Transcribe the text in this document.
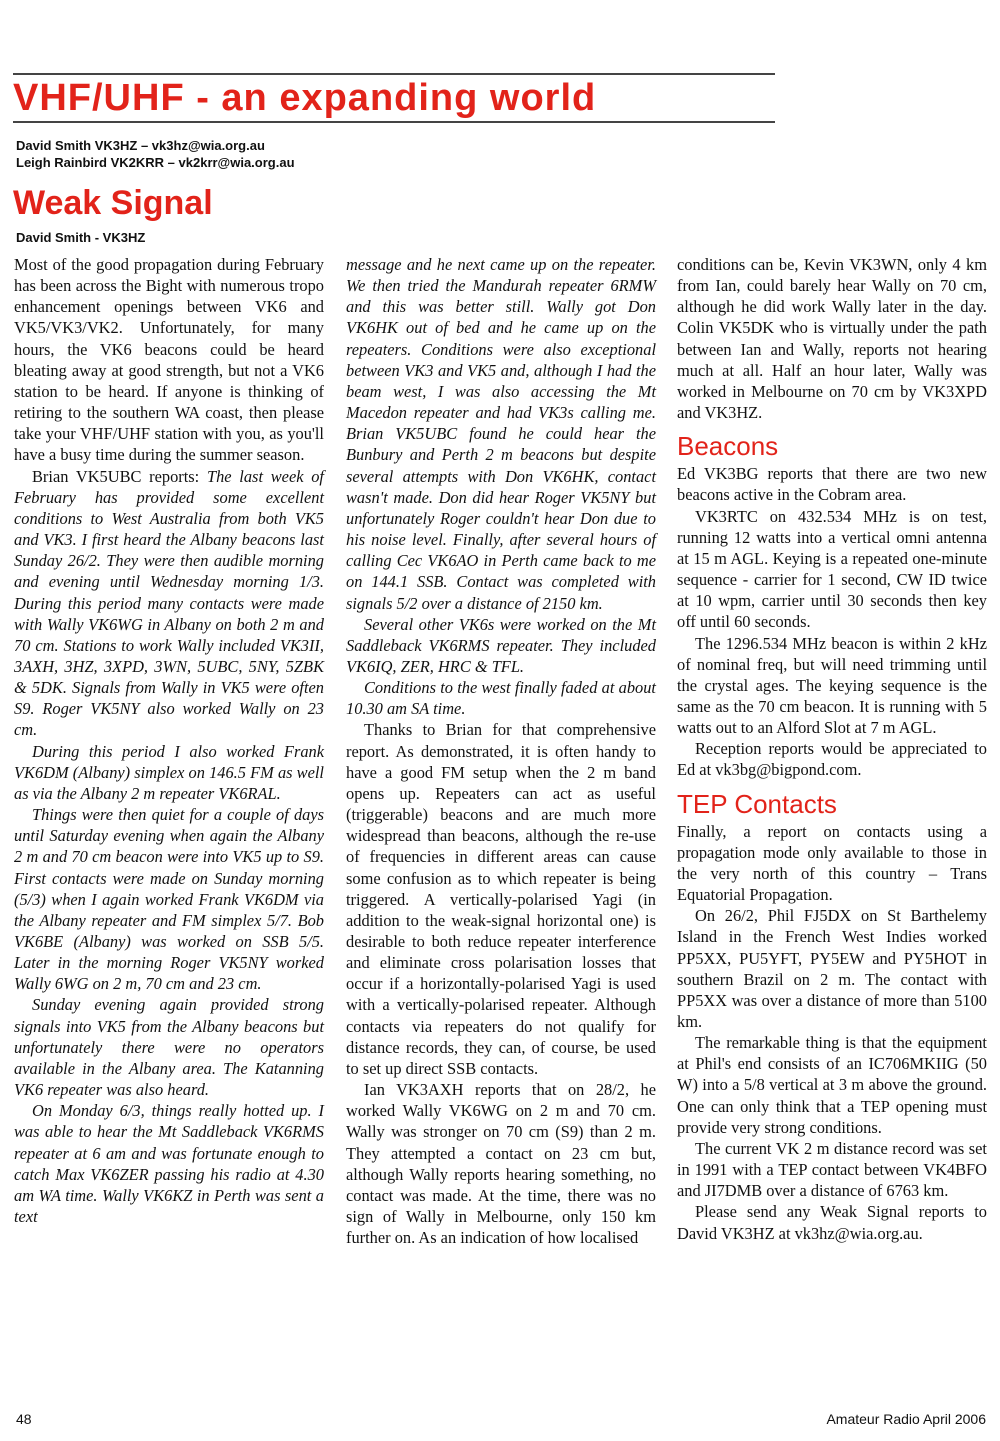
VHF/UHF - an expanding world
David Smith VK3HZ – vk3hz@wia.org.au
Leigh Rainbird VK2KRR – vk2krr@wia.org.au
Weak Signal
David Smith - VK3HZ

Most of the good propagation during February has been across the Bight with numerous tropo enhancement openings between VK6 and VK5/VK3/VK2. Unfortunately, for many hours, the VK6 beacons could be heard bleating away at good strength, but not a VK6 station to be heard. If anyone is thinking of retiring to the southern WA coast, then please take your VHF/UHF station with you, as you'll have a busy time during the summer season.

Brian VK5UBC reports: The last week of February has provided some excellent conditions to West Australia from both VK5 and VK3. I first heard the Albany beacons last Sunday 26/2. They were then audible morning and evening until Wednesday morning 1/3. During this period many contacts were made with Wally VK6WG in Albany on both 2 m and 70 cm. Stations to work Wally included VK3II, 3AXH, 3HZ, 3XPD, 3WN, 5UBC, 5NY, 5ZBK & 5DK. Signals from Wally in VK5 were often S9. Roger VK5NY also worked Wally on 23 cm.

During this period I also worked Frank VK6DM (Albany) simplex on 146.5 FM as well as via the Albany 2 m repeater VK6RAL.

Things were then quiet for a couple of days until Saturday evening when again the Albany 2 m and 70 cm beacon were into VK5 up to S9. First contacts were made on Sunday morning (5/3) when I again worked Frank VK6DM via the Albany repeater and FM simplex 5/7. Bob VK6BE (Albany) was worked on SSB 5/5. Later in the morning Roger VK5NY worked Wally 6WG on 2 m, 70 cm and 23 cm.

Sunday evening again provided strong signals into VK5 from the Albany beacons but unfortunately there were no operators available in the Albany area. The Katanning VK6 repeater was also heard.

On Monday 6/3, things really hotted up. I was able to hear the Mt Saddleback VK6RMS repeater at 6 am and was fortunate enough to catch Max VK6ZER passing his radio at 4.30 am WA time. Wally VK6KZ in Perth was sent a text

message and he next came up on the repeater. We then tried the Mandurah repeater 6RMW and this was better still. Wally got Don VK6HK out of bed and he came up on the repeaters. Conditions were also exceptional between VK3 and VK5 and, although I had the beam west, I was also accessing the Mt Macedon repeater and had VK3s calling me. Brian VK5UBC found he could hear the Bunbury and Perth 2 m beacons but despite several attempts with Don VK6HK, contact wasn't made. Don did hear Roger VK5NY but unfortunately Roger couldn't hear Don due to his noise level. Finally, after several hours of calling Cec VK6AO in Perth came back to me on 144.1 SSB. Contact was completed with signals 5/2 over a distance of 2150 km.

Several other VK6s were worked on the Mt Saddleback VK6RMS repeater. They included VK6IQ, ZER, HRC & TFL.

Conditions to the west finally faded at about 10.30 am SA time.

Thanks to Brian for that comprehensive report. As demonstrated, it is often handy to have a good FM setup when the 2 m band opens up. Repeaters can act as useful (triggerable) beacons and are much more widespread than beacons, although the re-use of frequencies in different areas can cause some confusion as to which repeater is being triggered. A vertically-polarised Yagi (in addition to the weak-signal horizontal one) is desirable to both reduce repeater interference and eliminate cross polarisation losses that occur if a horizontally-polarised Yagi is used with a vertically-polarised repeater. Although contacts via repeaters do not qualify for distance records, they can, of course, be used to set up direct SSB contacts.

Ian VK3AXH reports that on 28/2, he worked Wally VK6WG on 2 m and 70 cm. Wally was stronger on 70 cm (S9) than 2 m. They attempted a contact on 23 cm but, although Wally reports hearing something, no contact was made. At the time, there was no sign of Wally in Melbourne, only 150 km further on. As an indication of how localised

conditions can be, Kevin VK3WN, only 4 km from Ian, could barely hear Wally on 70 cm, although he did work Wally later in the day. Colin VK5DK who is virtually under the path between Ian and Wally, reports not hearing much at all. Half an hour later, Wally was worked in Melbourne on 70 cm by VK3XPD and VK3HZ.

Beacons

Ed VK3BG reports that there are two new beacons active in the Cobram area.

VK3RTC on 432.534 MHz is on test, running 12 watts into a vertical omni antenna at 15 m AGL. Keying is a repeated one-minute sequence - carrier for 1 second, CW ID twice at 10 wpm, carrier until 30 seconds then key off until 60 seconds.

The 1296.534 MHz beacon is within 2 kHz of nominal freq, but will need trimming until the crystal ages. The keying sequence is the same as the 70 cm beacon. It is running with 5 watts out to an Alford Slot at 7 m AGL.

Reception reports would be appreciated to Ed at vk3bg@bigpond.com.

TEP Contacts

Finally, a report on contacts using a propagation mode only available to those in the very north of this country – Trans Equatorial Propagation.

On 26/2, Phil FJ5DX on St Barthelemy Island in the French West Indies worked PP5XX, PU5YFT, PY5EW and PY5HOT in southern Brazil on 2 m. The contact with PP5XX was over a distance of more than 5100 km.

The remarkable thing is that the equipment at Phil's end consists of an IC706MKIIG (50 W) into a 5/8 vertical at 3 m above the ground. One can only think that a TEP opening must provide very strong conditions.

The current VK 2 m distance record was set in 1991 with a TEP contact between VK4BFO and JI7DMB over a distance of 6763 km.

Please send any Weak Signal reports to David VK3HZ at vk3hz@wia.org.au.

48	Amateur Radio April 2006
